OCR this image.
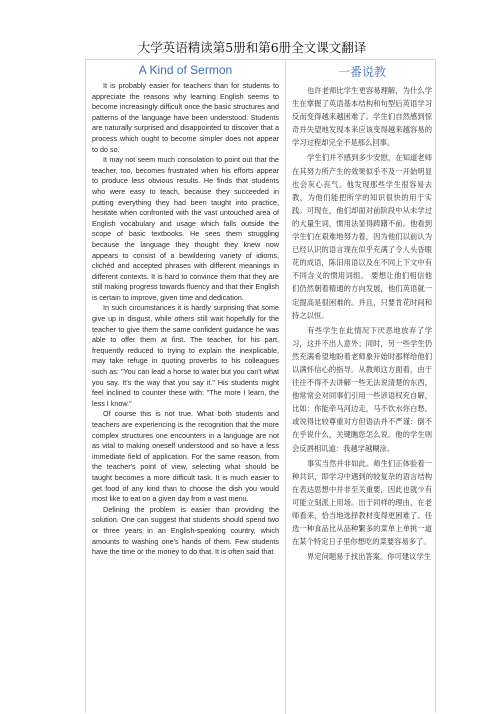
大学英语精读第5册和第6册全文课文翻译
A Kind of Sermon

It is probably easier for teachers than for students to appreciate the reasons why learning English seems to become increasingly difficult once the basic structures and patterns of the language have been understood. Students are naturally surprised and disappointed to discover that a process which ought to become simpler does not appear to do so.

It may not seem much consolation to point out that the teacher, too, becomes frustrated when his efforts appear to produce less obvious results. He finds that students who were easy to teach, because they succeeded in putting everything they had been taught into practice, hesitate when confronted with the vast untouched area of English vocabulary and usage which falls outside the scope of basic textbooks. He sees them struggling because the language they thought they knew now appears to consist of a bewildering variety of idioms, clichéd and accepted phrases with different meanings in different contexts. It is hard to convince them that they are still making progress towards fluency and that their English is certain to improve, given time and dedication.

In such circumstances it is hardly surprising that some give up in disgust, while others still wait hopefully for the teacher to give them the same confident guidance he was able to offer them at first. The teacher, for his part, frequently reduced to trying to explain the inexplicable, may take refuge in quoting proverbs to his colleagues such as: "You can lead a horse to water but you can't what you say. It's the way that you say it." His students might feel inclined to counter these with: "The more I learn, the less I know."

Of course this is not true. What both students and teachers are experiencing is the recognition that the more complex structures one encounters in a language are not as vital to making oneself understood and so have a less immediate field of application. For the same reason, from the teacher's point of view, selecting what should be taught becomes a more difficult task. It is much easier to get food of any kind than to choose the dish you would most like to eat on a given day from a vast menu.

Defining the problem is easier than providing the solution. One can suggest that students should spend two or three years in an English-speaking country, which amounts to washing one's hands of them. Few students have the time or the money to do that. It is often said that

一番说教

也许老师比学生更容易理解，为什么学生在掌握了英语基本结构和句型后英语学习反而变得越来越困难了。学生们自然感到惊奇并失望地发现本来应该变得越来越容易的学习过程却完全不是那么回事。

学生们并不感到多少安慰，在知道老师在其努力所产生的效果似乎不及一开始明显也会灰心丧气。他发现那些学生很容易去教，为他们能把所学的知识很快的用于实践。可现在，他们却面对前阶段中从未学过的大量生词，惯用法显得踌躇不前。他看到学生们在艰难地努力着，因为他们以前认为已经认识的语言现在似乎充满了令人头昏眼花的成语，陈旧用语以及在不同上下文中有不同含义的惯用词组。 要想让他们相信他们仍然朝着精通的方向发展，他们英语就一定提高是很困难的。并且，只要肯花时间和持之以恒。

有些学生在此情况下厌恶地放弃了学习，这并不出人意外；同时，另一些学生仍然充满希望地盼着老师象开始时那样给他们以满怀信心的指导。从教师这方面看，由于往往不得不去讲解一些无法说清楚的东西，他常常会对同事们引用一些谚语权充自解，比如：你能牵马河边走，马不饮水你白愁，或说得比较尊重对方但语法并不严谨：倒不在乎说什么，关键瞧您怎么说。他的学生则会反唇相讥道：我越学越糊涂。

事实当然并非如此。师生们正体验着一种共识，即学习中遇到的较复杂的语言结构在表达思想中并非至关重要，因此也就少有可能立刻派上用场。出于同样的理由，在老师看来，恰当地选择教材变得更困难了。任选一种食品比从品种繁多的菜单上单挑一道在某个特定日子里你想吃的菜要容易多了。

界定问题易于找出答案。你可建议学生
